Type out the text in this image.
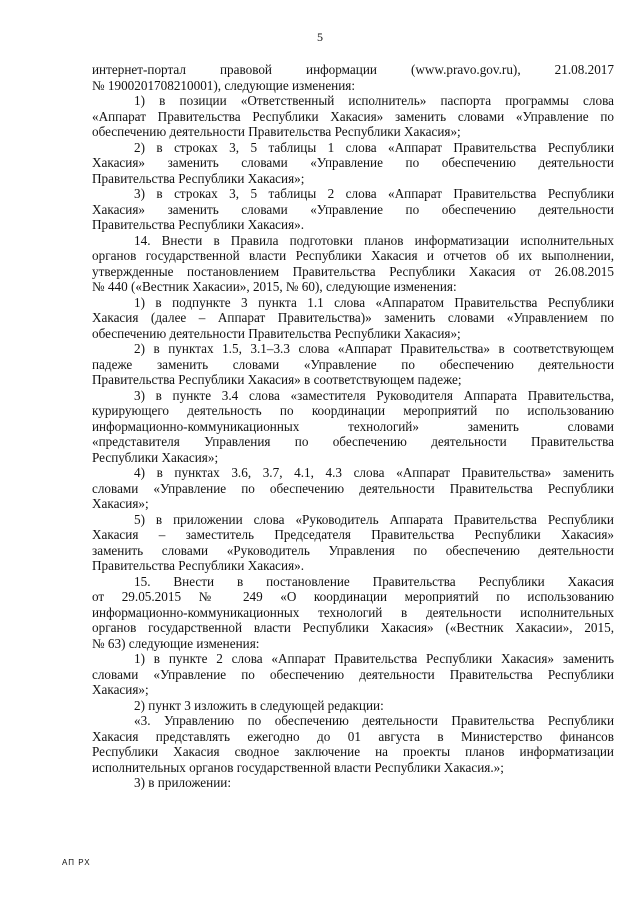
5
интернет-портал правовой информации (www.pravo.gov.ru), 21.08.2017
№ 1900201708210001), следующие изменения:
1) в позиции «Ответственный исполнитель» паспорта программы слова
«Аппарат Правительства Республики Хакасия» заменить словами «Управление по
обеспечению деятельности Правительства Республики Хакасия»;
2) в строках 3, 5 таблицы 1 слова «Аппарат Правительства Республики
Хакасия» заменить словами «Управление по обеспечению деятельности
Правительства Республики Хакасия»;
3) в строках 3, 5 таблицы 2 слова «Аппарат Правительства Республики
Хакасия» заменить словами «Управление по обеспечению деятельности
Правительства Республики Хакасия».
14. Внести в Правила подготовки планов информатизации исполнительных
органов государственной власти Республики Хакасия и отчетов об их выполнении,
утвержденные постановлением Правительства Республики Хакасия от 26.08.2015
№ 440 («Вестник Хакасии», 2015, № 60), следующие изменения:
1) в подпункте 3 пункта 1.1 слова «Аппаратом Правительства Республики
Хакасия (далее – Аппарат Правительства)» заменить словами «Управлением по
обеспечению деятельности Правительства Республики Хакасия»;
2) в пунктах 1.5, 3.1–3.3 слова «Аппарат Правительства» в соответствующем
падеже заменить словами «Управление по обеспечению деятельности
Правительства Республики Хакасия» в соответствующем падеже;
3) в пункте 3.4 слова «заместителя Руководителя Аппарата Правительства,
курирующего деятельность по координации мероприятий по использованию
информационно-коммуникационных технологий» заменить словами
«представителя Управления по обеспечению деятельности Правительства
Республики Хакасия»;
4) в пунктах 3.6, 3.7, 4.1, 4.3 слова «Аппарат Правительства» заменить
словами «Управление по обеспечению деятельности Правительства Республики
Хакасия»;
5) в приложении слова «Руководитель Аппарата Правительства Республики
Хакасия – заместитель Председателя Правительства Республики Хакасия»
заменить словами «Руководитель Управления по обеспечению деятельности
Правительства Республики Хакасия».
15. Внести в постановление Правительства Республики Хакасия
от 29.05.2015 № 249 «О координации мероприятий по использованию
информационно-коммуникационных технологий в деятельности исполнительных
органов государственной власти Республики Хакасия» («Вестник Хакасии», 2015,
№ 63) следующие изменения:
1) в пункте 2 слова «Аппарат Правительства Республики Хакасия» заменить
словами «Управление по обеспечению деятельности Правительства Республики
Хакасия»;
2) пункт 3 изложить в следующей редакции:
«3. Управлению по обеспечению деятельности Правительства Республики
Хакасия представлять ежегодно до 01 августа в Министерство финансов
Республики Хакасия сводное заключение на проекты планов информатизации
исполнительных органов государственной власти Республики Хакасия.»;
3) в приложении:
АП РХ
